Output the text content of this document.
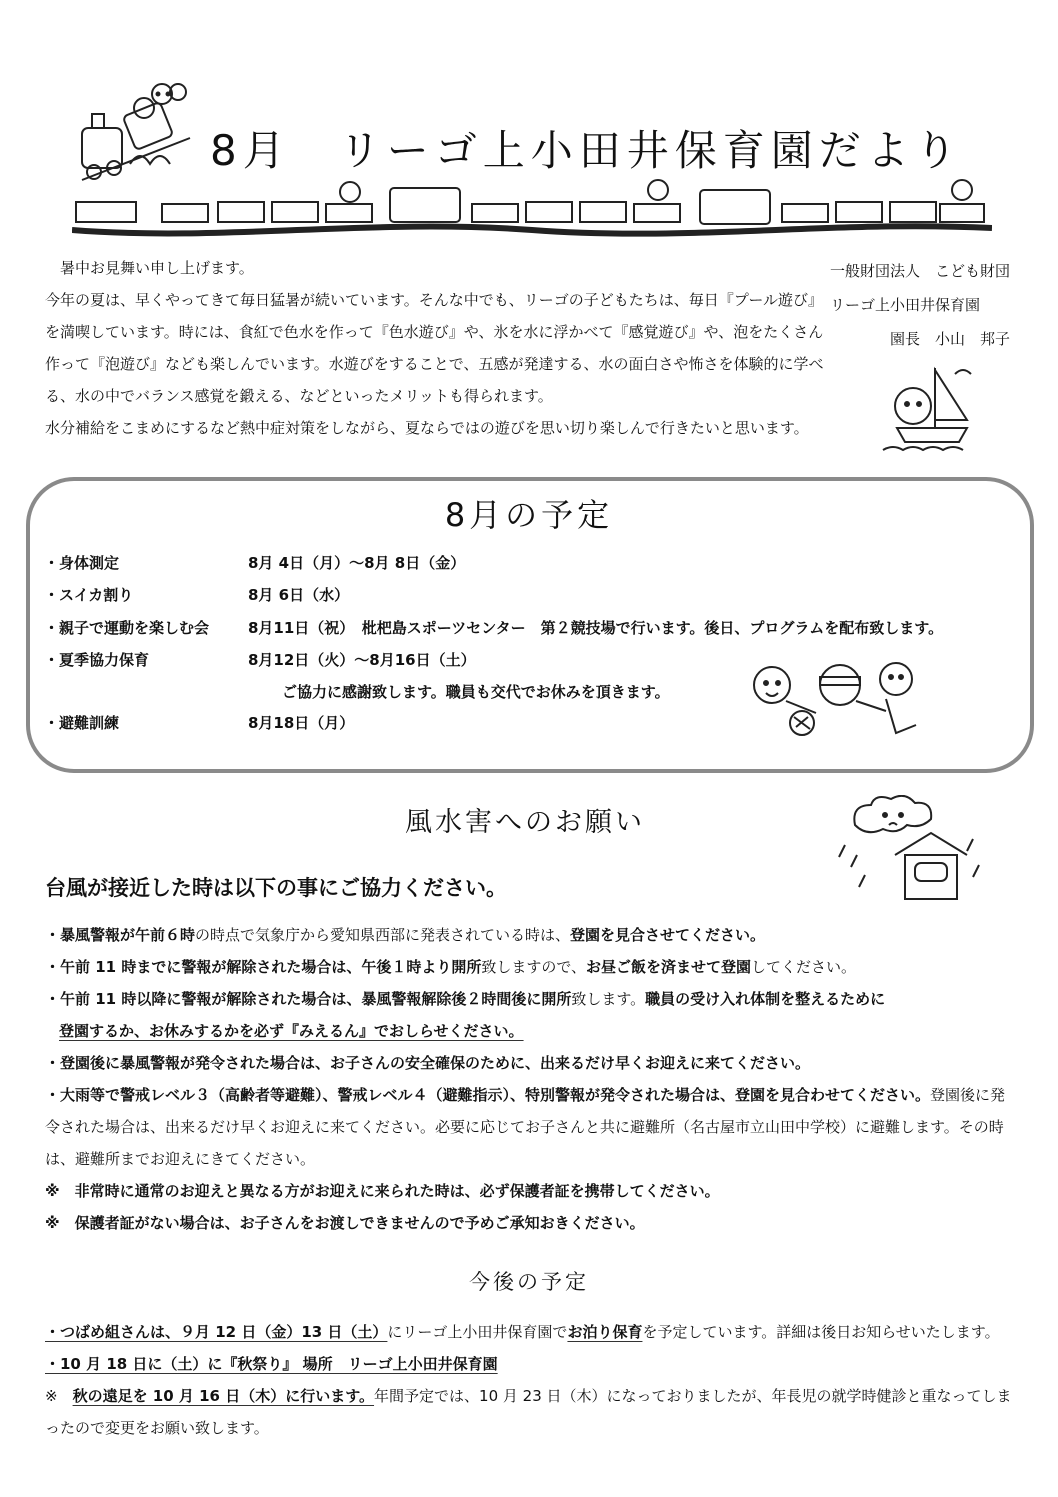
8月　リーゴ上小田井保育園だより

　暑中お見舞い申し上げます。

今年の夏は、早くやってきて毎日猛暑が続いています。そんな中でも、リーゴの子どもたちは、毎日『プール遊び』を満喫しています。時には、食紅で色水を作って『色水遊び』や、氷を水に浮かべて『感覚遊び』や、泡をたくさん作って『泡遊び』なども楽しんでいます。水遊びをすることで、五感が発達する、水の面白さや怖さを体験的に学べる、水の中でバランス感覚を鍛える、などといったメリットも得られます。

水分補給をこまめにするなど熱中症対策をしながら、夏ならではの遊びを思い切り楽しんで行きたいと思います。

一般財団法人　こども財団
リーゴ上小田井保育園
園長　小山　邦子
8月の予定
・身体測定	8月 4日（月）～8月 8日（金）
・スイカ割り	8月 6日（水）
・親子で運動を楽しむ会	8月11日（祝）　枇杷島スポーツセンター　第２競技場で行います。後日、プログラムを配布致します。
・夏季協力保育	8月12日（火）～8月16日（土）
ご協力に感謝致します。職員も交代でお休みを頂きます。
・避難訓練	8月18日（月）
風水害へのお願い
台風が接近した時は以下の事にご協力ください。

・暴風警報が午前６時の時点で気象庁から愛知県西部に発表されている時は、登園を見合させてください。

・午前 11 時までに警報が解除された場合は、午後１時より開所致しますので、お昼ご飯を済ませて登園してください。

・午前 11 時以降に警報が解除された場合は、暴風警報解除後２時間後に開所致します。職員の受け入れ体制を整えるために

登園するか、お休みするかを必ず『みえるん』でおしらせください。

・登園後に暴風警報が発令された場合は、お子さんの安全確保のために、出来るだけ早くお迎えに来てください。

・大雨等で警戒レベル３（高齢者等避難）、警戒レベル４（避難指示）、特別警報が発令された場合は、登園を見合わせてください。登園後に発令された場合は、出来るだけ早くお迎えに来てください。必要に応じてお子さんと共に避難所（名古屋市立山田中学校）に避難します。その時は、避難所までお迎えにきてください。

※　非常時に通常のお迎えと異なる方がお迎えに来られた時は、必ず保護者証を携帯してください。

※　保護者証がない場合は、お子さんをお渡しできませんので予めご承知おきください。

今後の予定

・つばめ組さんは、９月 12 日（金）13 日（土）にリーゴ上小田井保育園でお泊り保育を予定しています。詳細は後日お知らせいたします。

・10 月 18 日に（土）に『秋祭り』 場所　リーゴ上小田井保育園

※　秋の遠足を 10 月 16 日（木）に行います。年間予定では、10 月 23 日（木）になっておりましたが、年長児の就学時健診と重なってしまったので変更をお願い致します。
